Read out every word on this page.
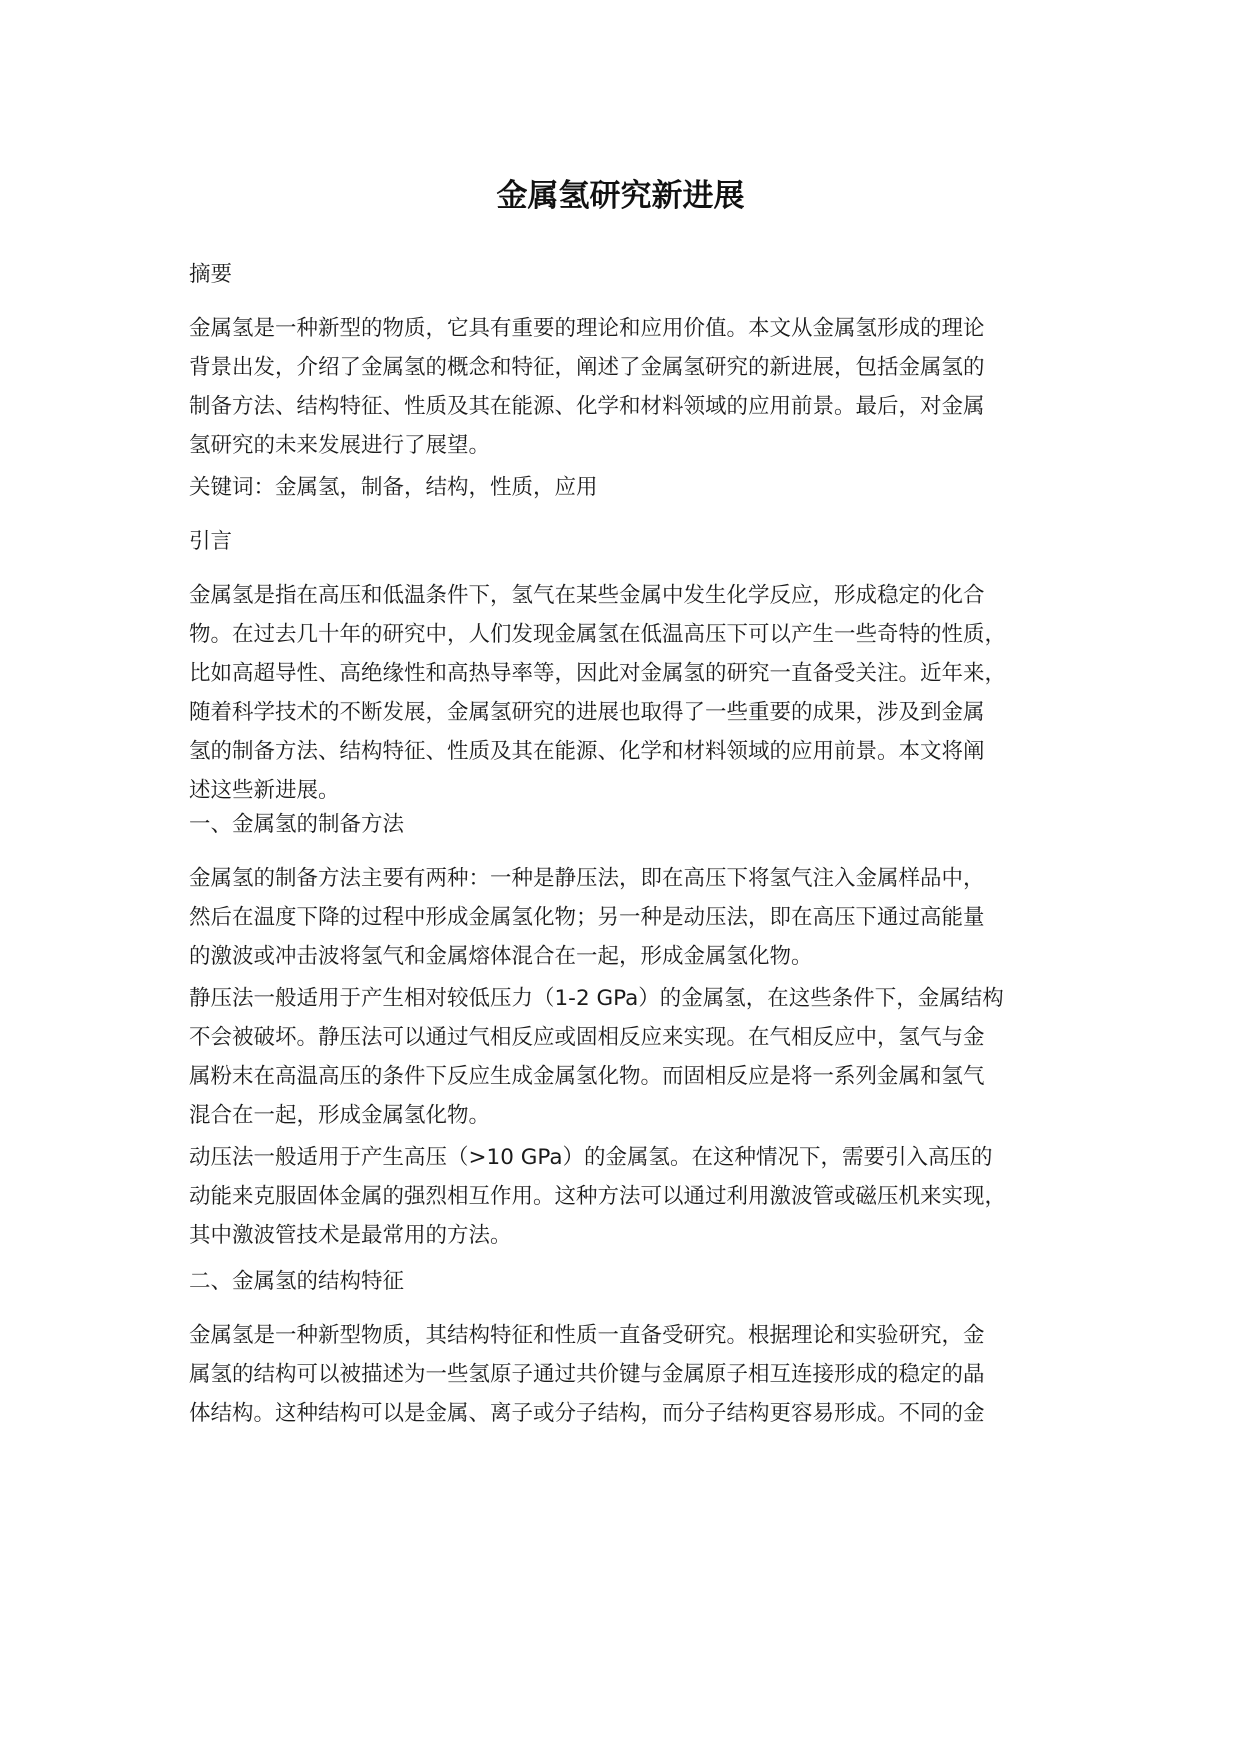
金属氢研究新进展

摘要

金属氢是一种新型的物质，它具有重要的理论和应用价值。本文从金属氢形成的理论
背景出发，介绍了金属氢的概念和特征，阐述了金属氢研究的新进展，包括金属氢的
制备方法、结构特征、性质及其在能源、化学和材料领域的应用前景。最后，对金属
氢研究的未来发展进行了展望。

关键词：金属氢，制备，结构，性质，应用

引言

金属氢是指在高压和低温条件下，氢气在某些金属中发生化学反应，形成稳定的化合
物。在过去几十年的研究中，人们发现金属氢在低温高压下可以产生一些奇特的性质，
比如高超导性、高绝缘性和高热导率等，因此对金属氢的研究一直备受关注。近年来，
随着科学技术的不断发展，金属氢研究的进展也取得了一些重要的成果，涉及到金属
氢的制备方法、结构特征、性质及其在能源、化学和材料领域的应用前景。本文将阐
述这些新进展。

一、金属氢的制备方法

金属氢的制备方法主要有两种：一种是静压法，即在高压下将氢气注入金属样品中，
然后在温度下降的过程中形成金属氢化物；另一种是动压法，即在高压下通过高能量
的激波或冲击波将氢气和金属熔体混合在一起，形成金属氢化物。
静压法一般适用于产生相对较低压力（1-2 GPa）的金属氢，在这些条件下，金属结构
不会被破坏。静压法可以通过气相反应或固相反应来实现。在气相反应中，氢气与金
属粉末在高温高压的条件下反应生成金属氢化物。而固相反应是将一系列金属和氢气
混合在一起，形成金属氢化物。
动压法一般适用于产生高压（>10 GPa）的金属氢。在这种情况下，需要引入高压的
动能来克服固体金属的强烈相互作用。这种方法可以通过利用激波管或磁压机来实现，
其中激波管技术是最常用的方法。

二、金属氢的结构特征

金属氢是一种新型物质，其结构特征和性质一直备受研究。根据理论和实验研究，金
属氢的结构可以被描述为一些氢原子通过共价键与金属原子相互连接形成的稳定的晶
体结构。这种结构可以是金属、离子或分子结构，而分子结构更容易形成。不同的金
